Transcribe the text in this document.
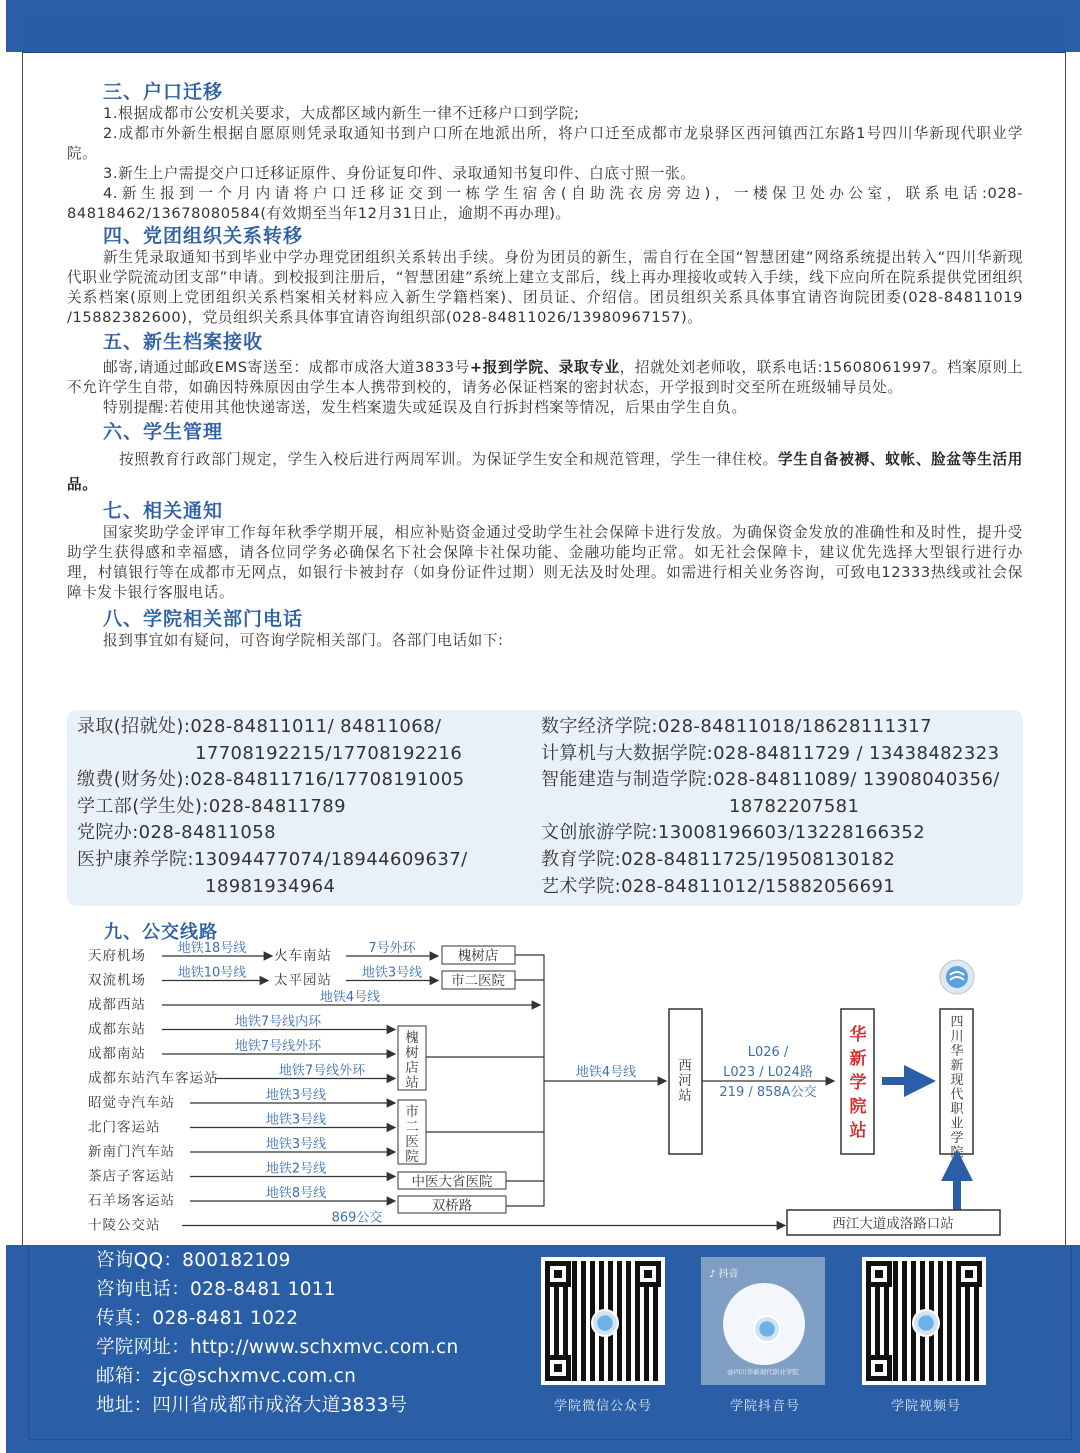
三、户口迁移
1.根据成都市公安机关要求，大成都区域内新生一律不迁移户口到学院;
2.成都市外新生根据自愿原则凭录取通知书到户口所在地派出所，将户口迁至成都市龙泉驿区西河镇西江东路1号四川华新现代职业学院。
3.新生上户需提交户口迁移证原件、身份证复印件、录取通知书复印件、白底寸照一张。
4.新生报到一个月内请将户口迁移证交到一栋学生宿舍(自助洗衣房旁边)，一楼保卫处办公室，联系电话:028-84818462/13678080584(有效期至当年12月31日止，逾期不再办理)。
四、党团组织关系转移
新生凭录取通知书到毕业中学办理党团组织关系转出手续。身份为团员的新生，需自行在全国“智慧团建”网络系统提出转入“四川华新现代职业学院流动团支部”申请。到校报到注册后，“智慧团建”系统上建立支部后，线上再办理接收或转入手续，线下应向所在院系提供党团组织关系档案(原则上党团组织关系档案相关材料应入新生学籍档案)、团员证、介绍信。团员组织关系具体事宜请咨询院团委(028-84811019 /15882382600)，党员组织关系具体事宜请咨询组织部(028-84811026/13980967157)。
五、新生档案接收
邮寄,请通过邮政EMS寄送至：成都市成洛大道3833号+报到学院、录取专业，招就处刘老师收，联系电话:15608061997。档案原则上不允许学生自带，如确因特殊原因由学生本人携带到校的，请务必保证档案的密封状态，开学报到时交至所在班级辅导员处。
特别提醒:若使用其他快递寄送，发生档案遗失或延误及自行拆封档案等情况，后果由学生自负。
六、学生管理
按照教育行政部门规定，学生入校后进行两周军训。为保证学生安全和规范管理，学生一律住校。学生自备被褥、蚊帐、脸盆等生活用品。
七、相关通知
国家奖助学金评审工作每年秋季学期开展，相应补贴资金通过受助学生社会保障卡进行发放。为确保资金发放的准确性和及时性，提升受助学生获得感和幸福感，请各位同学务必确保名下社会保障卡社保功能、金融功能均正常。如无社会保障卡，建议优先选择大型银行进行办理，村镇银行等在成都市无网点，如银行卡被封存（如身份证件过期）则无法及时处理。如需进行相关业务咨询，可致电12333热线或社会保障卡发卡银行客服电话。
八、学院相关部门电话
报到事宜如有疑问，可咨询学院相关部门。各部门电话如下:
录取(招就处):028-84811011/ 84811068/
17708192215/17708192216
缴费(财务处):028-84811716/17708191005
学工部(学生处):028-84811789
党院办:028-84811058
医护康养学院:13094477074/18944609637/
18981934964
数字经济学院:028-84811018/18628111317
计算机与大数据学院:028-84811729 / 13438482323
智能建造与制造学院:028-84811089/ 13908040356/
18782207581
文创旅游学院:13008196603/13228166352
教育学院:028-84811725/19508130182
艺术学院:028-84811012/15882056691
九、公交线路
天府机场
双流机场
成都西站
成都东站
成都南站
成都东站汽车客运站
昭觉寺汽车站
北门客运站
新南门汽车站
茶店子客运站
石羊场客运站
十陵公交站
火车南站
太平园站
地铁18号线
地铁10号线
地铁4号线
地铁7号线内环
地铁7号线外环
地铁7号线外环
地铁3号线
地铁3号线
地铁3号线
地铁2号线
地铁8号线
869公交
7号外环
地铁3号线
槐树店
市二医院
槐树店站
市二医院
中医大省医院
双桥路
地铁4号线	西河站
L026 /
L023 / L024路
219 / 858A公交
华新学院站
四川华新现代职业学院
西江大道成洛路口站
咨询QQ：800182109
咨询电话：028-8481 1011
传真：028-8481 1022
学院网址：http://www.schxmvc.com.cn
邮箱：zjc@schxmvc.com.cn
地址：四川省成都市成洛大道3833号	学院微信公众号
♪ 抖音
@四川华新现代职业学院
学院抖音号	学院视频号
